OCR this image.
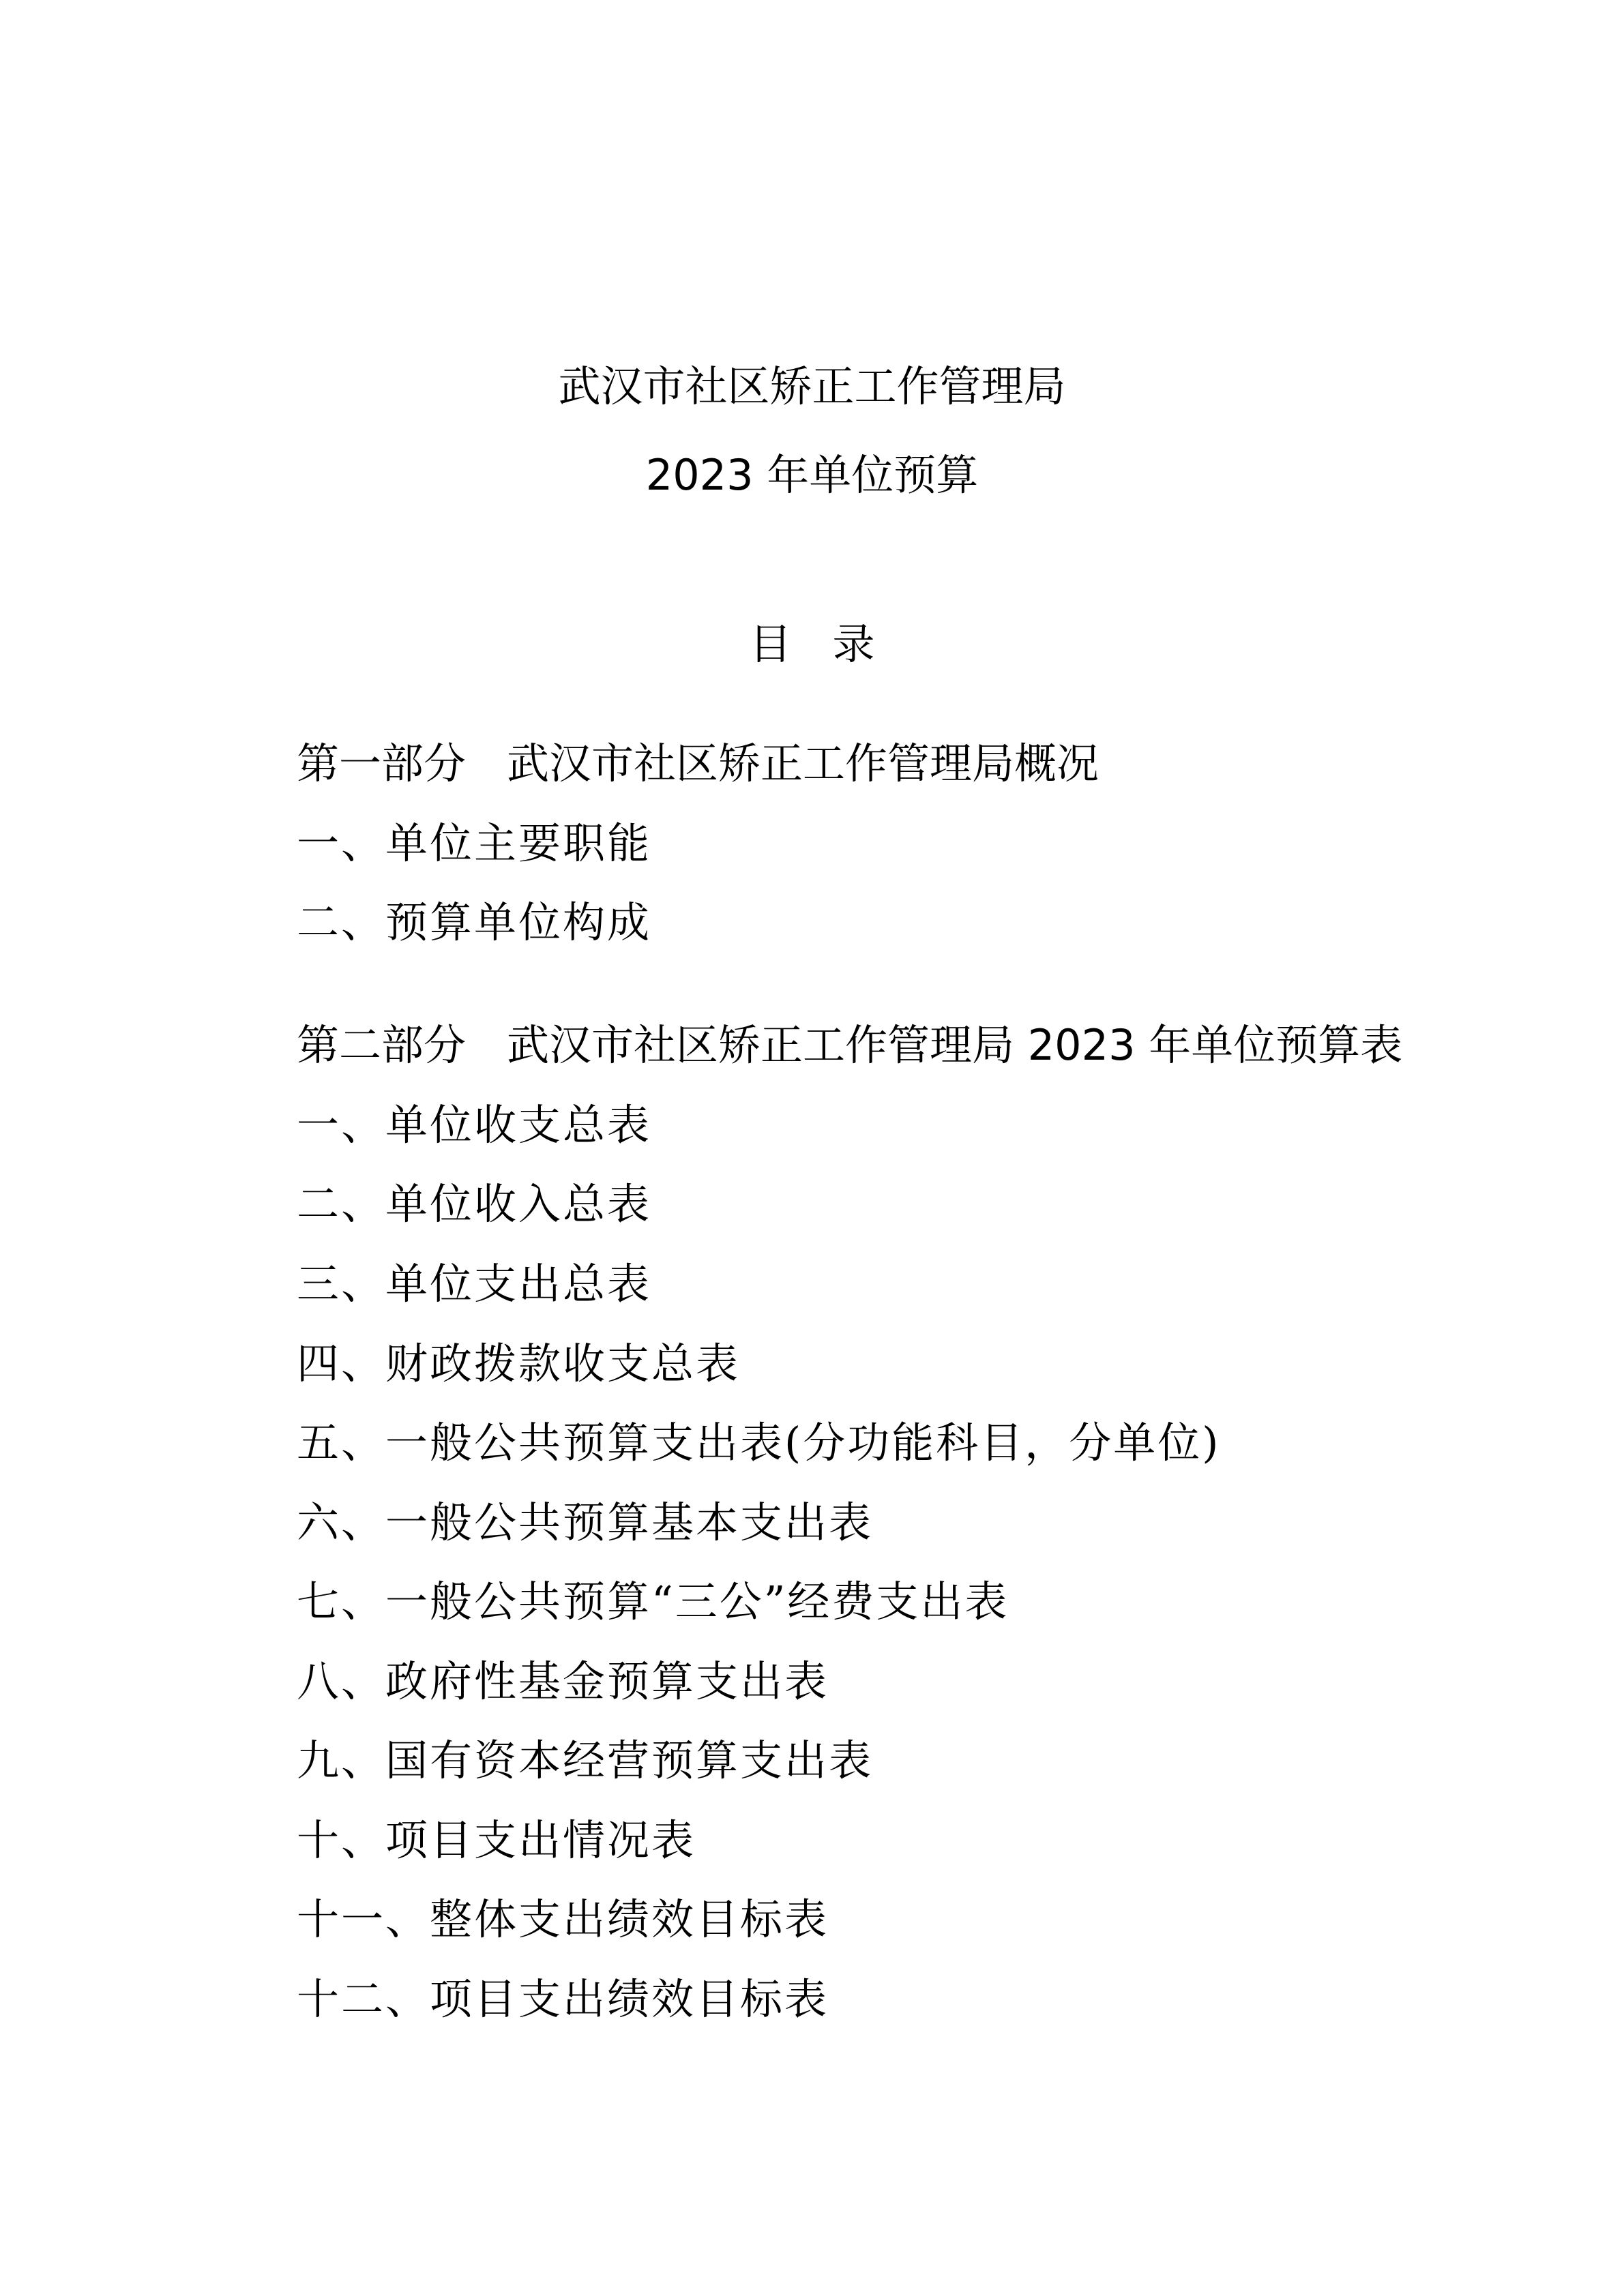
武汉市社区矫正工作管理局
2023 年单位预算
目录
第一部分 武汉市社区矫正工作管理局概况
一、单位主要职能
二、预算单位构成
第二部分 武汉市社区矫正工作管理局 2023 年单位预算表
一、单位收支总表
二、单位收入总表
三、单位支出总表
四、财政拨款收支总表
五、一般公共预算支出表(分功能科目，分单位)
六、一般公共预算基本支出表
七、一般公共预算“三公”经费支出表
八、政府性基金预算支出表
九、国有资本经营预算支出表
十、项目支出情况表
十一、整体支出绩效目标表
十二、项目支出绩效目标表
